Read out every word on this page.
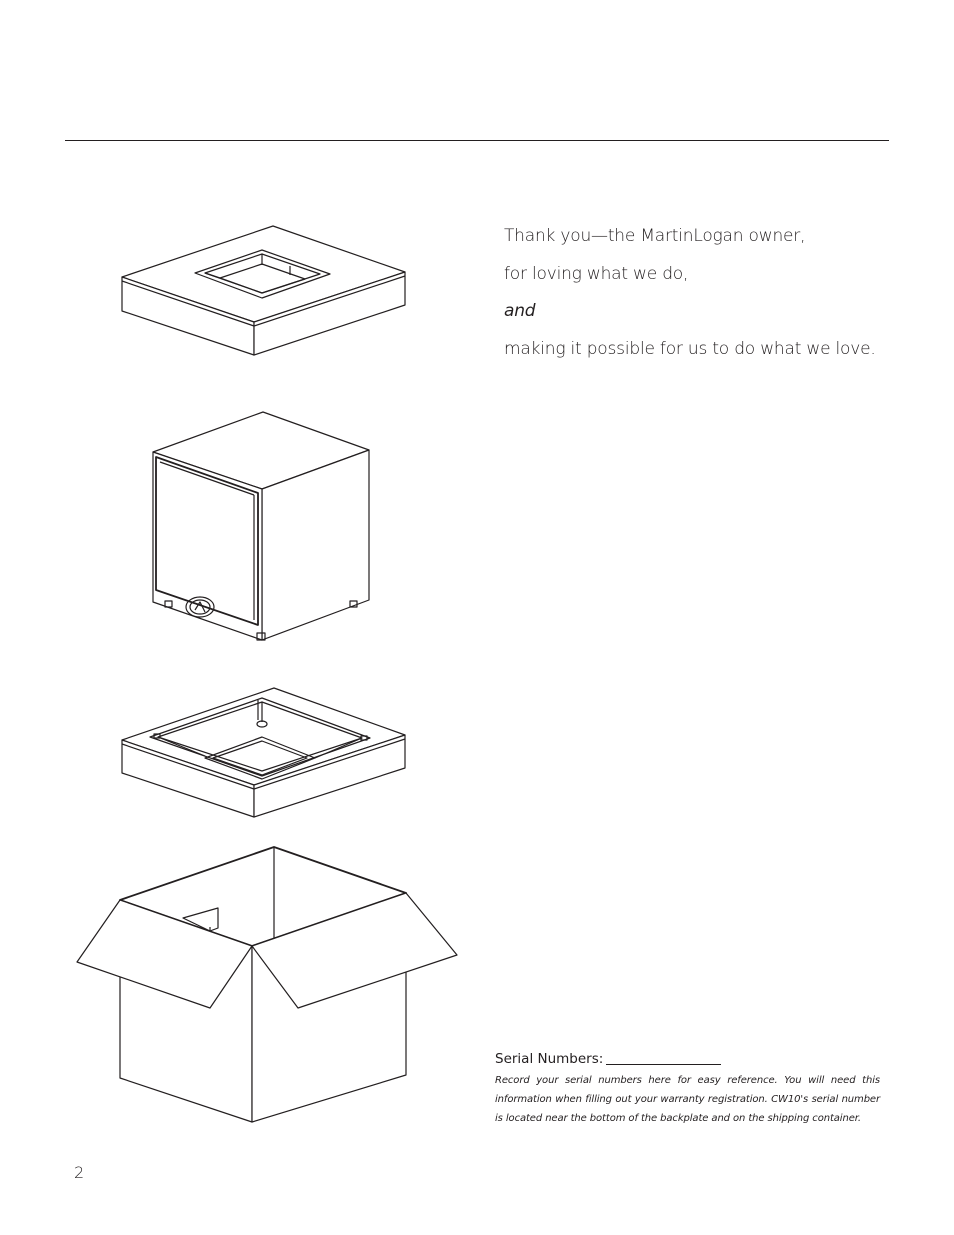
Thank you—the MartinLogan owner,
for loving what we do,
and
making it possible for us to do what we love.
Serial Numbers:
Record your serial numbers here for easy reference. You will need this information when filling out your warranty registration. CW10's serial number is located near the bottom of the backplate and on the shipping container.
2
